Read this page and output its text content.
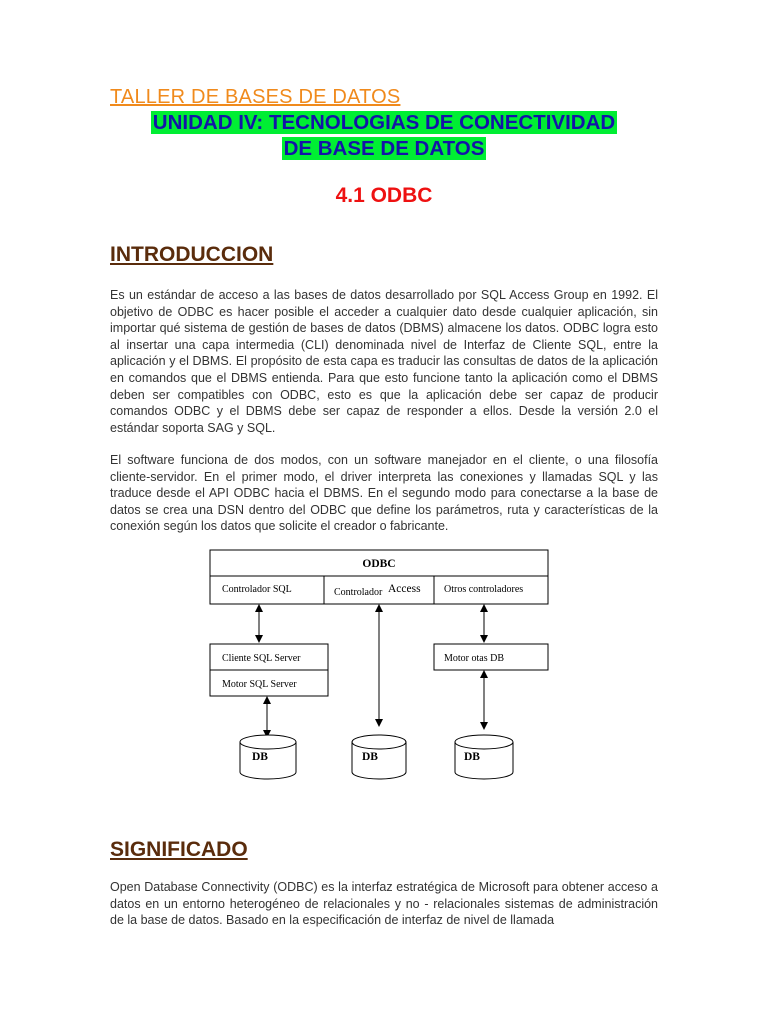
TALLER DE BASES DE DATOS
UNIDAD IV: TECNOLOGIAS DE CONECTIVIDAD
DE BASE DE DATOS
4.1 ODBC
INTRODUCCION

Es un estándar de acceso a las bases de datos desarrollado por SQL Access Group en 1992. El objetivo de ODBC es hacer posible el acceder a cualquier dato desde cualquier aplicación, sin importar qué sistema de gestión de bases de datos (DBMS) almacene los datos. ODBC logra esto al insertar una capa intermedia (CLI) denominada nivel de Interfaz de Cliente SQL, entre la aplicación y el DBMS. El propósito de esta capa es traducir las consultas de datos de la aplicación en comandos que el DBMS entienda. Para que esto funcione tanto la aplicación como el DBMS deben ser compatibles con ODBC, esto es que la aplicación debe ser capaz de producir comandos ODBC y el DBMS debe ser capaz de responder a ellos. Desde la versión 2.0 el estándar soporta SAG y SQL.

El software funciona de dos modos, con un software manejador en el cliente, o una filosofía cliente-servidor. En el primer modo, el driver interpreta las conexiones y llamadas SQL y las traduce desde el API ODBC hacia el DBMS. En el segundo modo para conectarse a la base de datos se crea una DSN dentro del ODBC que define los parámetros, ruta y características de la conexión según los datos que solicite el creador o fabricante.

ODBC
Controlador SQL	Controlador Access Otros controladores
Cliente SQL Server
Motor SQL Server
Motor otas DB
DB	DB	DB
SIGNIFICADO

Open Database Connectivity (ODBC) es la interfaz estratégica de Microsoft para obtener acceso a datos en un entorno heterogéneo de relacionales y no - relacionales sistemas de administración de la base de datos. Basado en la especificación de interfaz de nivel de llamada
